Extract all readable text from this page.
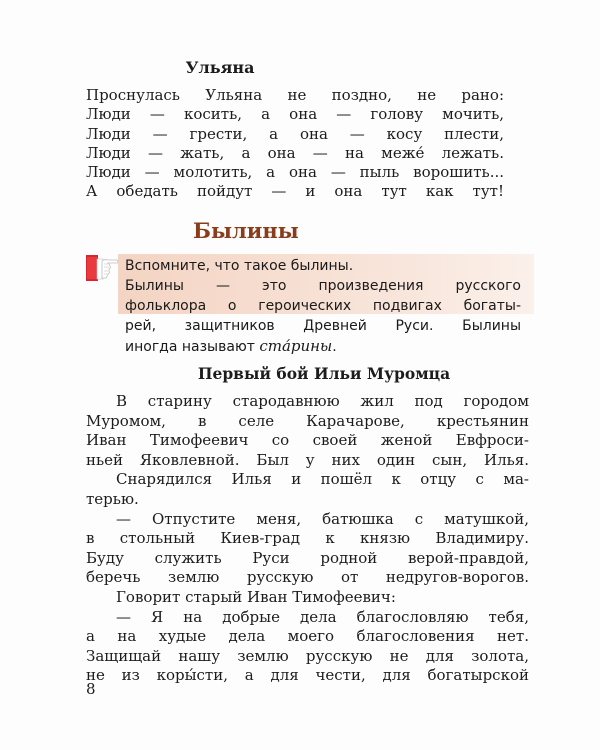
Ульяна
Проснулась Ульяна не поздно, не рано:
Люди — косить, а она — голову мочить,
Люди — грести, а она — косу плести,
Люди — жать, а она — на меже́ лежать.
Люди — молотить, а она — пыль ворошить...
А обедать пойдут — и она тут как тут!
Былины
Вспомните, что такое былины.
Былины — это произведения русского
фольклора о героических подвигах богаты-
рей, защитников Древней Руси. Былины
иногда называют ста́рины.
Первый бой Ильи Муромца
В старину стародавнюю жил под городом
Муромом, в селе Карачарове, крестьянин
Иван Тимофеевич со своей женой Евфроси-
ньей Яковлевной. Был у них один сын, Илья.
Снарядился Илья и пошёл к отцу с ма-
терью.
— Отпустите меня, батюшка с матушкой,
в стольный Киев-град к князю Владимиру.
Буду служить Руси родной верой-правдой,
беречь землю русскую от недругов-ворогов.
Говорит старый Иван Тимофеевич:
— Я на добрые дела благословляю тебя,
а на худые дела моего благословения нет.
Защищай нашу землю русскую не для золота,
не из коры́сти, а для чести, для богатырской
8
